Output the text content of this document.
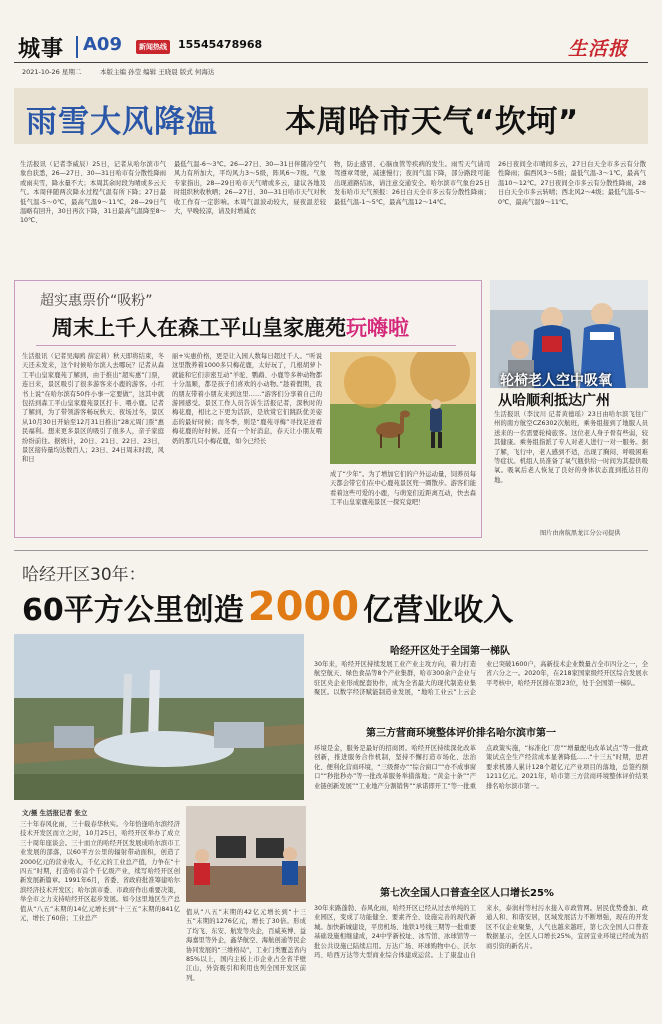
城事 A09	新闻热线 15545478968	生活报
2021-10-26 星期二	本版主编 孙莹 编辑 王晓晨 版式 何海达
雨雪大风降温 本周哈市天气“坎坷”
生活报讯（记者李威辰）25日，记者从哈尔滨市气象台获悉，26—27日、30—31日哈市有分散性降雨或雨夹雪，降水量不大；本周其余时段为晴或多云天气。本周伴随两次降水过程气温有所下降；27日最低气温-5～0℃，最高气温9～11℃，28—29日气温略有回升，30日再次下降，31日最高气温降至8～10℃、
最低气温-6～3℃。26—27日、30—31日伴随冷空气风力有所加大，平均风力3～5级，阵风6～7级。气象专家指出，28—29日哈市天气晴或多云，建议各地及时组织秋收秋晒；26—27日、30—31日哈市天气对秋收工作有一定影响。本周气温波动较大，昼夜温差较大，早晚较凉，请及时增减衣
物，防止感冒、心脑血管等疾病的发生。雨雪天气请司驾遵章驾驶，减速慢行；夜间气温下降，部分路段可能出现道路结冰，请注意交通安全。哈尔滨市气象台25日发布哈市天气预报：26日白天全市多云有分散性降雨；最低气温-1～5℃，最高气温12～14℃。
26日夜间全市晴间多云，27日白天全市多云有分散性降雨；偏西风3～5级；最低气温-3～1℃，最高气温10～12℃。27日夜间全市多云有分散性降雨，28日白天全市多云转晴；西北风2～4级；最低气温-5～0℃，最高气温9～11℃。
超实惠票价“吸粉”
周末上千人在森工平山皇家鹿苑玩嗨啦
生活报讯（记者吴海鸥 薛宏莉）秋天即将结束，冬天还未发来，这个时候哈尔滨人去哪玩？记者从森工平山皇家鹿苑了解到，由于推出“超实惠”门票，连日来，景区吸引了很多游客来小鹿的游客。小红书上说“在哈尔滨有50件小事一定要做”，这其中就包括到森工平山皇家鹿苑景区打卡、喂小鹿。记者了解到，为了带领游客畅玩秋天、夜场过冬，景区从10月30日开始至12月31日推出“28元周门票”惠民福利。想来更多景区的吸引了很多人，亲子家庭纷纷前往。据统计，20日、21日、22日、23日，景区接待量均达数百人；23日、24日周末时段，风和日
丽+实惠价格，更是让入园人数每日超过千人。“听说这里散养着1000多只梅花鹿，太好玩了，几根胡萝卜就能和它们亲密互动”羊驼、鹦鹉、小鹿等多种动物都十分温顺，都是孩子们喜欢的小动物。”趁着假期，我的朋友带着小朋友来到这里……“游客们分享着自己的游园感受。景区工作人员告诉生活报记者，深秋时的梅花鹿，相比之下更为活跃，是欣赏它们跳跃优美姿态的最好时候；而冬季，则是“鹿苑寻梅”寻找足迹看梅花鹿的好时候。还有一个好消息，春天让小朋友喂奶的那几只小梅花鹿，如今已经长
成了“少年”。为了增加它们的户外运动量，饲养员每天都会带它们在中心鹿苑景区兜一圈散步。游客们能看着这些可爱的小鹿，与萌宠们近距离互动，快去森工平山皇家鹿苑景区一探究竟吧！
轮椅老人空中吸氧
从哈顺利抵达广州
生活报讯（李汶川 记者黄德瑶）23日由哈尔滨飞往广州的南方航空CZ6302次航班，乘务组接到了地服人员送来的一名需要轮椅旅客。这位老人身子骨有些弱，较其健康。乘务组指派了专人对老人进行一对一服务。据了解，飞行中，老人感到不适，出现了胸闷、呼吸困难等症状。机组人员准备了氧气瓶供给一时间为其提供吸氧。吸氧后老人恢复了良好的身体状态直到抵达目的地。
图片由南航黑龙江分公司提供
哈经开区30年：
60平方公里创造 2000 亿营业收入
文/摄 生活报记者 张立
三十年春风化雨，三十载春华秋实。今年恰逢哈尔滨经济技术开发区而立之时，10月25日，哈经开区举办了成立三十周年座谈会。三十而立的哈经开区发展成哈尔滨市工业发展的部落，以60平方公里的辐射带动面积，创造了2000亿元的营业收入，千亿元的工业总产值，力争在“十四五”时期，打造哈市首个千亿级产业，续写哈经开区创新发展新篇章。1991年6月，省委、省政府批准筹建哈尔滨经济技术开发区；哈尔滨市委、市政府作出重要决策，举全市之力支持哈经开区起步发展。如今这里地区生产总值从“八五”末期的14亿元增长到“十三五”末期的841亿元，增长了60倍；工业总产
值从“八五”末期的42亿元增长到“十三五”末期的1276亿元，增长了30倍。形成了均飞、东安、航发等央企，百威英博、益海嘉里等外企，鑫华航空、海航创通等民企协同发展的“三维格局”，工业门类覆盖省内85%以上，国内主板上市企业占全省半壁江山，外资吸引和利用也列全国开发区前列。
哈经开区处于全国第一梯队
30年来，哈经开区持续发展工业产业主攻方向，着力打造航空航天、绿色食品等8个产业集群，哈市300余户企业与驻区央企业形成配套协作，成为全省最大的现代制造业集聚区。以数字经济赋能制造业发展，“地哈工业云”上云企业已突破1600户，高新技术企业数量占全市四分之一，全省六分之一。2020年，在218家国家级经开区综合发展水平考核中，哈经开区排在第23位，处于全国第一梯队。
第三方营商环境整体评价排名哈尔滨市第一
环境是金，服务是最好的招商团。哈经开区持续深化改革创新，推进服务合作机制，坚持不懈打造市场化、法治化、便利化营商环境，“三级督办”“综合窗口”“办不成事窗口”“秒批秒办”等一批改革服务举措落地；“黄金十条”“产业链创新发展”“工业地产分割销售”“承诺即开工”等一批重点政策实施，“标准化厂房”“增量配电改革试点”等一批政策试点全生产经营成本显著降低……“十三五”时期，思君要求机器人累计128个超亿元产业项目的落地，总签约额1211亿元。2021年，哈市第三方营商环境整体评价结果排名哈尔滨市第一。
第七次全国人口普查全区人口增长25%
30年来路蓬勃、春风化雨，哈经开区已经从过去单纯的工业园区，变成了功能健全、要素齐全、设施完善的现代新城。加快新城建设，平房机场、地铁1号线三期等一批重要基础设施相继建成，24中学新校址、冰雪馆、冰球馆等一批公共设施已陆续启用。万达广场、环球购物中心、沃尔玛、哈西万达等大型商业综合体建成运营。上了康盘山自来水，泰润村等村污水接入市政管网。居民优势叠加、政通人和、和谐安居，区域发展活力不断增强，现在的开发区不仅企业聚集，人气也越来越旺，第七次全国人口普查数据显示，全区人口增长25%，宜居宜业环境已经成为招商引资的新名片。
